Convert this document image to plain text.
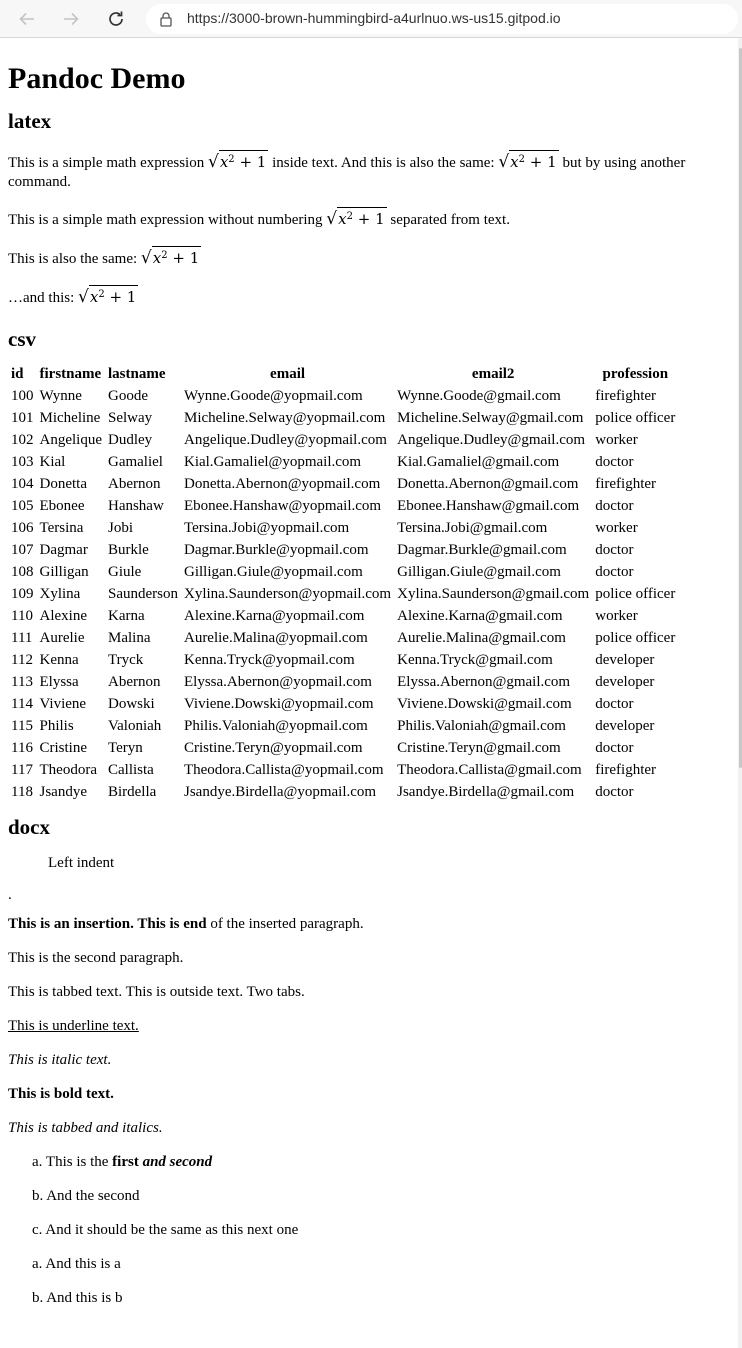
https://3000-brown-hummingbird-a4urlnuo.ws-us15.gitpod.io
Pandoc Demo
latex

This is a simple math expression $√x^2 + 1$ inside text. And this is also the same: $√x^2 + 1$ but by using another command.

This is a simple math expression without numbering $√x^2 + 1$ separated from text.

This is also the same: $√x^2 + 1$

…and this: $√x^2 + 1$

csv
id	firstname	lastname	email	email2	profession
100	Wynne	Goode	Wynne.Goode@yopmail.com	Wynne.Goode@gmail.com	firefighter
101	Micheline	Selway	Micheline.Selway@yopmail.com	Micheline.Selway@gmail.com	police officer
102	Angelique	Dudley	Angelique.Dudley@yopmail.com	Angelique.Dudley@gmail.com	worker
103	Kial	Gamaliel	Kial.Gamaliel@yopmail.com	Kial.Gamaliel@gmail.com	doctor
104	Donetta	Abernon	Donetta.Abernon@yopmail.com	Donetta.Abernon@gmail.com	firefighter
105	Ebonee	Hanshaw	Ebonee.Hanshaw@yopmail.com	Ebonee.Hanshaw@gmail.com	doctor
106	Tersina	Jobi	Tersina.Jobi@yopmail.com	Tersina.Jobi@gmail.com	worker
107	Dagmar	Burkle	Dagmar.Burkle@yopmail.com	Dagmar.Burkle@gmail.com	doctor
108	Gilligan	Giule	Gilligan.Giule@yopmail.com	Gilligan.Giule@gmail.com	doctor
109	Xylina	Saunderson	Xylina.Saunderson@yopmail.com	Xylina.Saunderson@gmail.com	police officer
110	Alexine	Karna	Alexine.Karna@yopmail.com	Alexine.Karna@gmail.com	worker
111	Aurelie	Malina	Aurelie.Malina@yopmail.com	Aurelie.Malina@gmail.com	police officer
112	Kenna	Tryck	Kenna.Tryck@yopmail.com	Kenna.Tryck@gmail.com	developer
113	Elyssa	Abernon	Elyssa.Abernon@yopmail.com	Elyssa.Abernon@gmail.com	developer
114	Viviene	Dowski	Viviene.Dowski@yopmail.com	Viviene.Dowski@gmail.com	doctor
115	Philis	Valoniah	Philis.Valoniah@yopmail.com	Philis.Valoniah@gmail.com	developer
116	Cristine	Teryn	Cristine.Teryn@yopmail.com	Cristine.Teryn@gmail.com	doctor
117	Theodora	Callista	Theodora.Callista@yopmail.com	Theodora.Callista@gmail.com	firefighter
118	Jsandye	Birdella	Jsandye.Birdella@yopmail.com	Jsandye.Birdella@gmail.com	doctor
docx

Left indent

.

This is an insertion. This is end of the inserted paragraph.

This is the second paragraph.

This is tabbed text. This is outside text. Two tabs.

This is underline text.

This is italic text.

This is bold text.

This is tabbed and italics.

a. This is the first and second

b. And the second

c. And it should be the same as this next one

a. And this is a

b. And this is b
